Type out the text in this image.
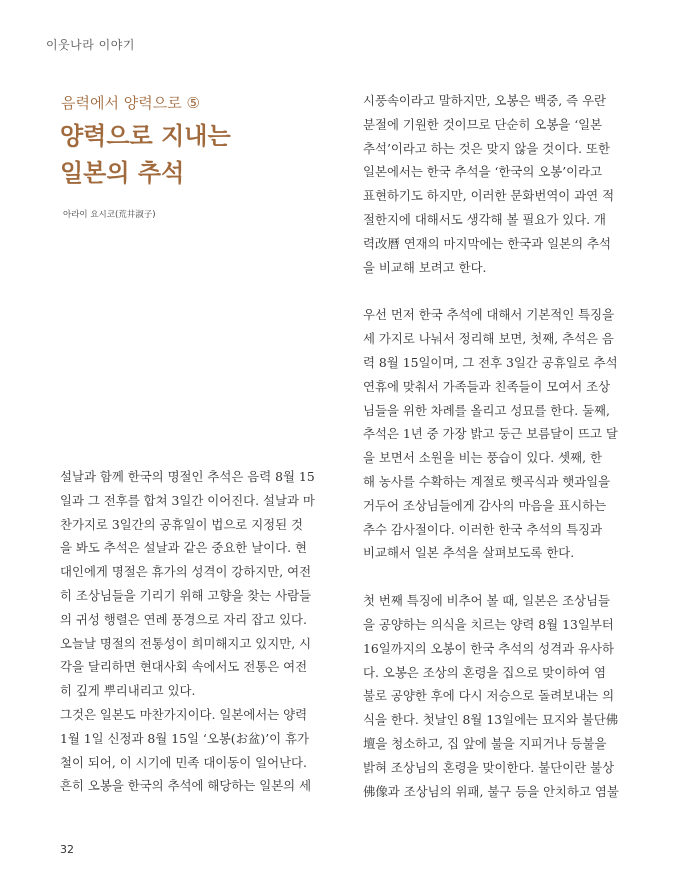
이웃나라 이야기
음력에서 양력으로 ⑤
양력으로 지내는
일본의 추석
아라이 요시코(荒井淑子)
설날과 함께 한국의 명절인 추석은 음력 8월 15
일과 그 전후를 합쳐 3일간 이어진다. 설날과 마
찬가지로 3일간의 공휴일이 법으로 지정된 것
을 봐도 추석은 설날과 같은 중요한 날이다. 현
대인에게 명절은 휴가의 성격이 강하지만, 여전
히 조상님들을 기리기 위해 고향을 찾는 사람들
의 귀성 행렬은 연례 풍경으로 자리 잡고 있다.
오늘날 명절의 전통성이 희미해지고 있지만, 시
각을 달리하면 현대사회 속에서도 전통은 여전
히 깊게 뿌리내리고 있다.
그것은 일본도 마찬가지이다. 일본에서는 양력
1월 1일 신정과 8월 15일 ‘오봉(お盆)’이 휴가
철이 되어, 이 시기에 민족 대이동이 일어난다.
흔히 오봉을 한국의 추석에 해당하는 일본의 세
시풍속이라고 말하지만, 오봉은 백중, 즉 우란
분절에 기원한 것이므로 단순히 오봉을 ‘일본
추석’이라고 하는 것은 맞지 않을 것이다. 또한
일본에서는 한국 추석을 ‘한국의 오봉’이라고
표현하기도 하지만, 이러한 문화번역이 과연 적
절한지에 대해서도 생각해 볼 필요가 있다. 개
력改曆 연재의 마지막에는 한국과 일본의 추석
을 비교해 보려고 한다.
우선 먼저 한국 추석에 대해서 기본적인 특징을
세 가지로 나눠서 정리해 보면, 첫째, 추석은 음
력 8월 15일이며, 그 전후 3일간 공휴일로 추석
연휴에 맞춰서 가족들과 친족들이 모여서 조상
님들을 위한 차례를 올리고 성묘를 한다. 둘째,
추석은 1년 중 가장 밝고 둥근 보름달이 뜨고 달
을 보면서 소원을 비는 풍습이 있다. 셋째, 한
해 농사를 수확하는 계절로 햇곡식과 햇과일을
거두어 조상님들에게 감사의 마음을 표시하는
추수 감사절이다. 이러한 한국 추석의 특징과
비교해서 일본 추석을 살펴보도록 한다.
첫 번째 특징에 비추어 볼 때, 일본은 조상님들
을 공양하는 의식을 치르는 양력 8월 13일부터
16일까지의 오봉이 한국 추석의 성격과 유사하
다. 오봉은 조상의 혼령을 집으로 맞이하여 염
불로 공양한 후에 다시 저승으로 돌려보내는 의
식을 한다. 첫날인 8월 13일에는 묘지와 불단佛
壇을 청소하고, 집 앞에 불을 지피거나 등불을
밝혀 조상님의 혼령을 맞이한다. 불단이란 불상
佛像과 조상님의 위패, 불구 등을 안치하고 염불
32
